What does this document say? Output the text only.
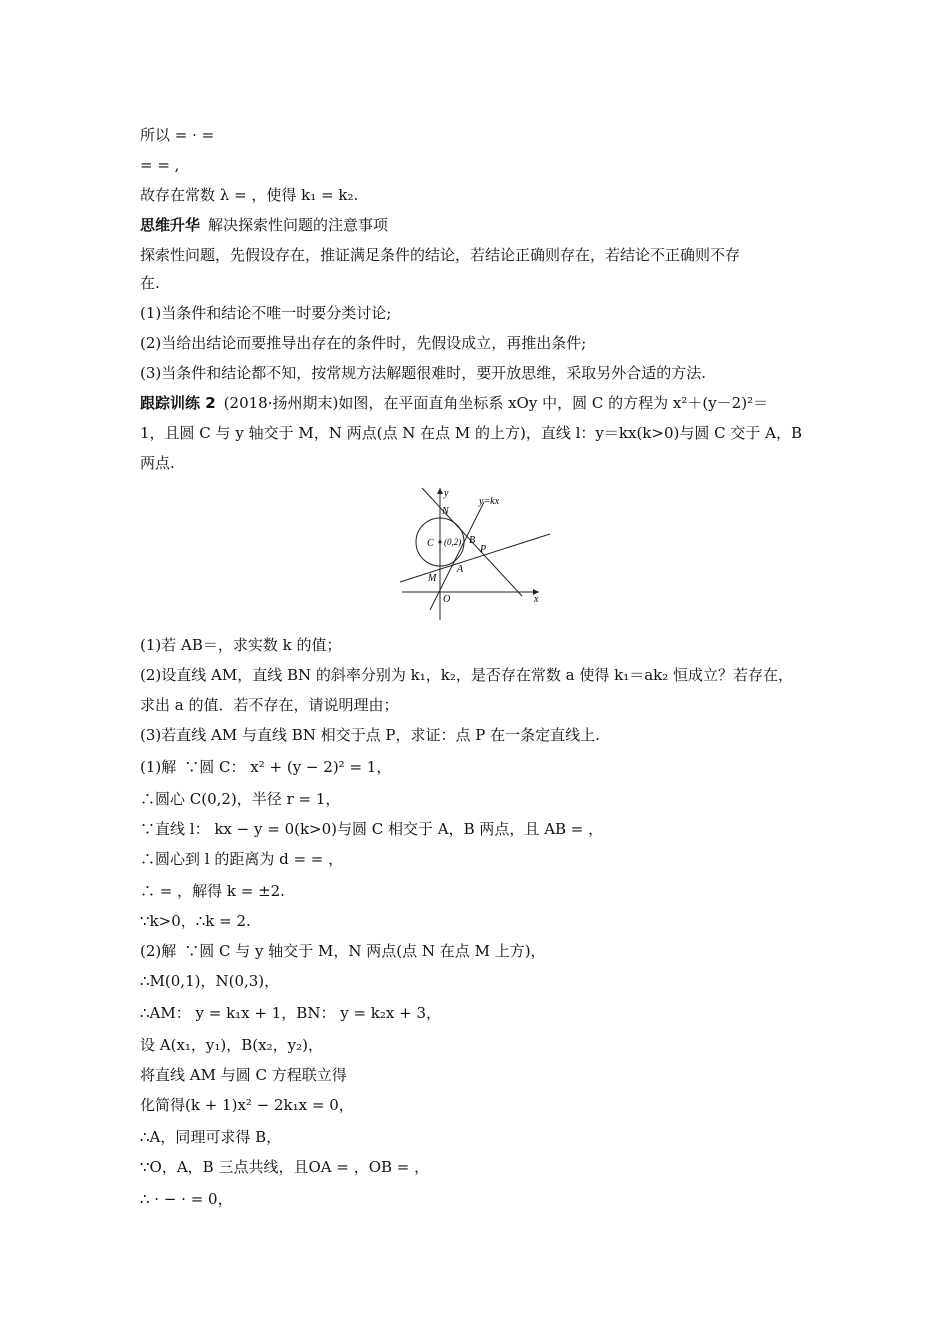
所以 = · =
= = ,
故存在常数 λ = ，使得 k₁ = k₂.
思维升华 解决探索性问题的注意事项
探索性问题，先假设存在，推证满足条件的结论，若结论正确则存在，若结论不正确则不存
在.
(1)当条件和结论不唯一时要分类讨论;
(2)当给出结论而要推导出存在的条件时，先假设成立，再推出条件;
(3)当条件和结论都不知，按常规方法解题很难时，要开放思维，采取另外合适的方法.
跟踪训练 2 (2018·扬州期末)如图，在平面直角坐标系 xOy 中，圆 C 的方程为 x²＋(y－2)²＝
1，且圆 C 与 y 轴交于 M，N 两点(点 N 在点 M 的上方)，直线 l：y＝kx(k>0)与圆 C 交于 A，B
两点.
y
x
y=kx
N
C (0,2) B
P
A
M
O
(1)若 AB＝，求实数 k 的值；
(2)设直线 AM，直线 BN 的斜率分别为 k₁，k₂，是否存在常数 a 使得 k₁＝ak₂ 恒成立？若存在，
求出 a 的值．若不存在，请说明理由；
(3)若直线 AM 与直线 BN 相交于点 P，求证：点 P 在一条定直线上.
(1)解 ∵圆 C： x² + (y − 2)² = 1，
∴圆心 C(0,2)，半径 r = 1，
∵直线 l： kx − y = 0(k>0)与圆 C 相交于 A，B 两点，且 AB = ，
∴圆心到 l 的距离为 d = = ，
∴ = ，解得 k = ±2.
∵k>0，∴k = 2.
(2)解 ∵圆 C 与 y 轴交于 M，N 两点(点 N 在点 M 上方)，
∴M(0,1)，N(0,3)，
∴AM： y = k₁x + 1，BN： y = k₂x + 3，
设 A(x₁，y₁)，B(x₂，y₂)，
将直线 AM 与圆 C 方程联立得
化简得(k + 1)x² − 2k₁x = 0，
∴A，同理可求得 B，
∵O，A，B 三点共线，且OA = ，OB = ，
∴ · − · = 0，
